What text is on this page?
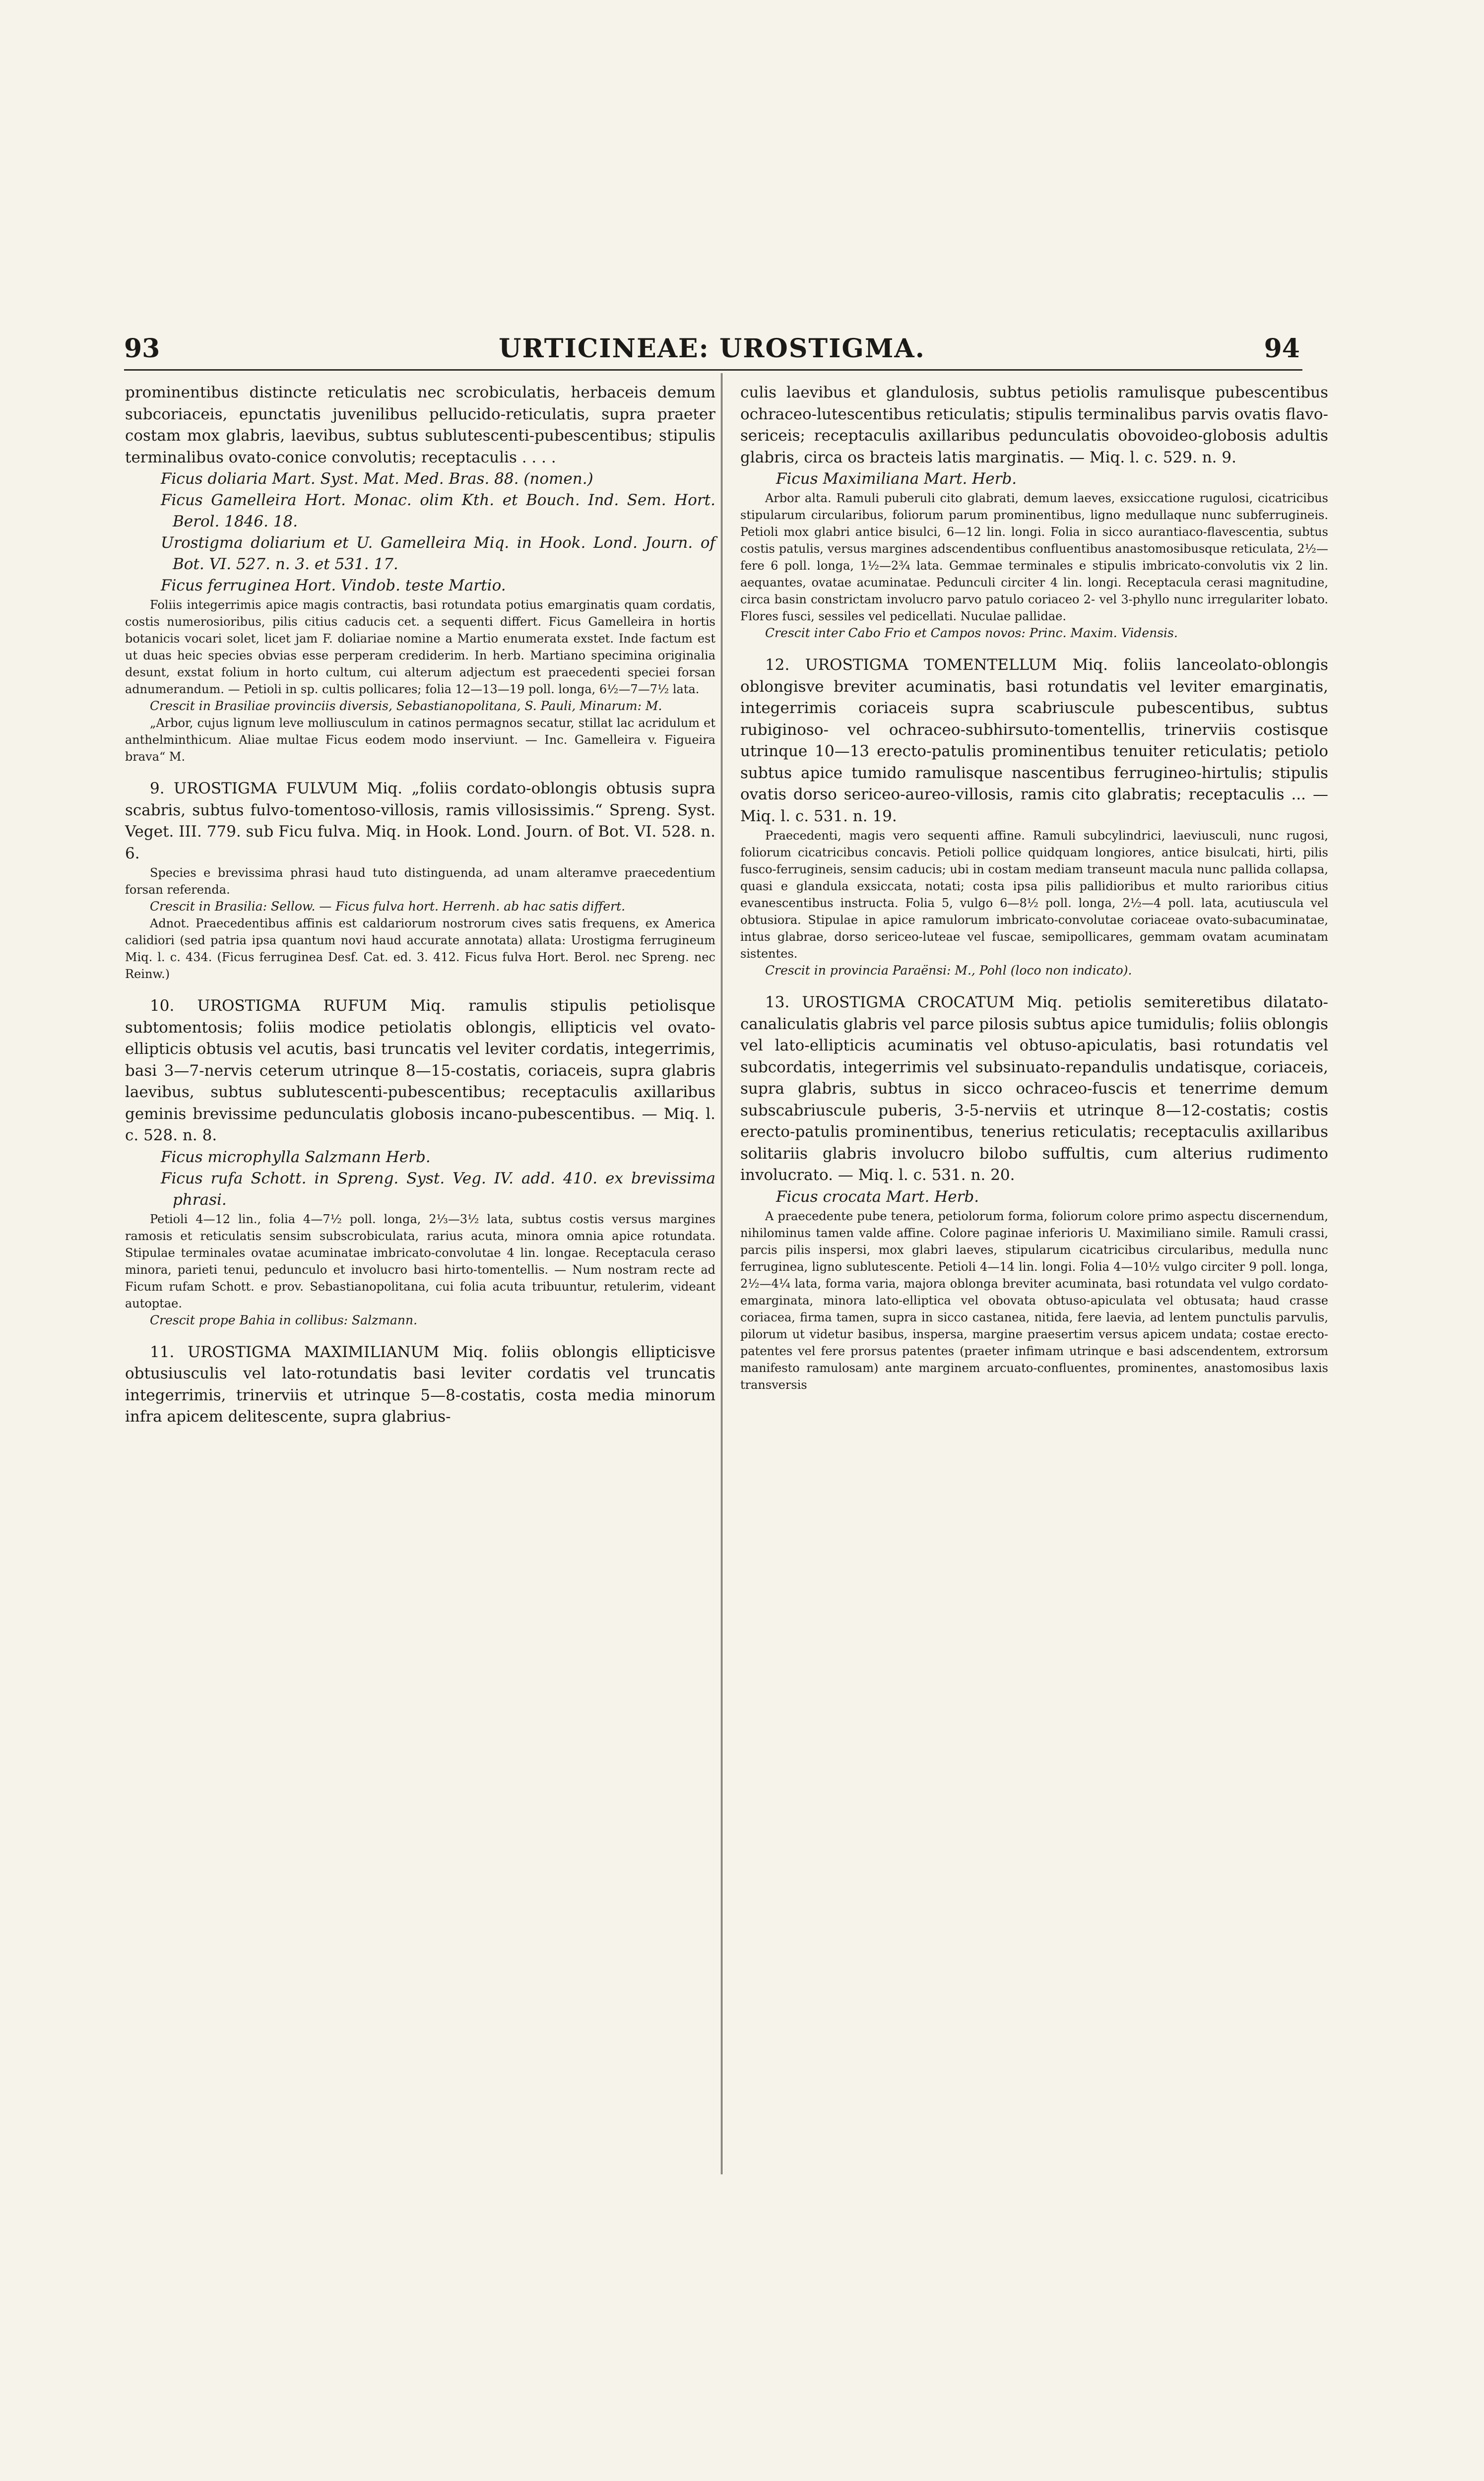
93	URTICINEAE: UROSTIGMA.	94

prominentibus distincte reticulatis nec scrobiculatis, herbaceis demum subcoriaceis, epunctatis juvenilibus pellucido-reticulatis, supra praeter costam mox glabris, laevibus, subtus sublutescenti-pubescentibus; stipulis terminalibus ovato-conice convolutis; receptaculis . . . .

Ficus doliaria Mart. Syst. Mat. Med. Bras. 88. (nomen.)

Ficus Gamelleira Hort. Monac. olim Kth. et Bouch. Ind. Sem. Hort. Berol. 1846. 18.

Urostigma doliarium et U. Gamelleira Miq. in Hook. Lond. Journ. of Bot. VI. 527. n. 3. et 531. 17.

Ficus ferruginea Hort. Vindob. teste Martio.

Foliis integerrimis apice magis contractis, basi rotundata potius emarginatis quam cordatis, costis numerosioribus, pilis citius caducis cet. a sequenti differt. Ficus Gamelleira in hortis botanicis vocari solet, licet jam F. doliariae nomine a Martio enumerata exstet. Inde factum est ut duas heic species obvias esse perperam crediderim. In herb. Martiano specimina originalia desunt, exstat folium in horto cultum, cui alterum adjectum est praecedenti speciei forsan adnumerandum. — Petioli in sp. cultis pollicares; folia 12—13—19 poll. longa, 6½—7—7½ lata.

Crescit in Brasiliae provinciis diversis, Sebastianopolitana, S. Pauli, Minarum: M.

„Arbor, cujus lignum leve molliusculum in catinos permagnos secatur, stillat lac acridulum et anthelminthicum. Aliae multae Ficus eodem modo inserviunt. — Inc. Gamelleira v. Figueira brava“ M.

9. UROSTIGMA FULVUM Miq. „foliis cordato-oblongis obtusis supra scabris, subtus fulvo-tomentoso-villosis, ramis villosissimis.“ Spreng. Syst. Veget. III. 779. sub Ficu fulva. Miq. in Hook. Lond. Journ. of Bot. VI. 528. n. 6.

Species e brevissima phrasi haud tuto distinguenda, ad unam alteramve praecedentium forsan referenda.

Crescit in Brasilia: Sellow. — Ficus fulva hort. Herrenh. ab hac satis differt.

Adnot. Praecedentibus affinis est caldariorum nostrorum cives satis frequens, ex America calidiori (sed patria ipsa quantum novi haud accurate annotata) allata: Urostigma ferrugineum Miq. l. c. 434. (Ficus ferruginea Desf. Cat. ed. 3. 412. Ficus fulva Hort. Berol. nec Spreng. nec Reinw.)

10. UROSTIGMA RUFUM Miq. ramulis stipulis petiolisque subtomentosis; foliis modice petiolatis oblongis, ellipticis vel ovato-ellipticis obtusis vel acutis, basi truncatis vel leviter cordatis, integerrimis, basi 3—7-nervis ceterum utrinque 8—15-costatis, coriaceis, supra glabris laevibus, subtus sublutescenti-pubescentibus; receptaculis axillaribus geminis brevissime pedunculatis globosis incano-pubescentibus. — Miq. l. c. 528. n. 8.

Ficus microphylla Salzmann Herb.

Ficus rufa Schott. in Spreng. Syst. Veg. IV. add. 410. ex brevissima phrasi.

Petioli 4—12 lin., folia 4—7½ poll. longa, 2⅓—3½ lata, subtus costis versus margines ramosis et reticulatis sensim subscrobiculata, rarius acuta, minora omnia apice rotundata. Stipulae terminales ovatae acuminatae imbricato-convolutae 4 lin. longae. Receptacula ceraso minora, parieti tenui, pedunculo et involucro basi hirto-tomentellis. — Num nostram recte ad Ficum rufam Schott. e prov. Sebastianopolitana, cui folia acuta tribuuntur, retulerim, videant autoptae.

Crescit prope Bahia in collibus: Salzmann.

11. UROSTIGMA MAXIMILIANUM Miq. foliis oblongis ellipticisve obtusiusculis vel lato-rotundatis basi leviter cordatis vel truncatis integerrimis, trinerviis et utrinque 5—8-costatis, costa media minorum infra apicem delitescente, supra glabrius-

culis laevibus et glandulosis, subtus petiolis ramulisque pubescentibus ochraceo-lutescentibus reticulatis; stipulis terminalibus parvis ovatis flavo-sericeis; receptaculis axillaribus pedunculatis obovoideo-globosis adultis glabris, circa os bracteis latis marginatis. — Miq. l. c. 529. n. 9.

Ficus Maximiliana Mart. Herb.

Arbor alta. Ramuli puberuli cito glabrati, demum laeves, exsiccatione rugulosi, cicatricibus stipularum circularibus, foliorum parum prominentibus, ligno medullaque nunc subferrugineis. Petioli mox glabri antice bisulci, 6—12 lin. longi. Folia in sicco aurantiaco-flavescentia, subtus costis patulis, versus margines adscendentibus confluentibus anastomosibusque reticulata, 2½—fere 6 poll. longa, 1½—2¾ lata. Gemmae terminales e stipulis imbricato-convolutis vix 2 lin. aequantes, ovatae acuminatae. Pedunculi circiter 4 lin. longi. Receptacula cerasi magnitudine, circa basin constrictam involucro parvo patulo coriaceo 2- vel 3-phyllo nunc irregulariter lobato. Flores fusci, sessiles vel pedicellati. Nuculae pallidae.

Crescit inter Cabo Frio et Campos novos: Princ. Maxim. Vidensis.

12. UROSTIGMA TOMENTELLUM Miq. foliis lanceolato-oblongis oblongisve breviter acuminatis, basi rotundatis vel leviter emarginatis, integerrimis coriaceis supra scabriuscule pubescentibus, subtus rubiginoso- vel ochraceo-subhirsuto-tomentellis, trinerviis costisque utrinque 10—13 erecto-patulis prominentibus tenuiter reticulatis; petiolo subtus apice tumido ramulisque nascentibus ferrugineo-hirtulis; stipulis ovatis dorso sericeo-aureo-villosis, ramis cito glabratis; receptaculis ... — Miq. l. c. 531. n. 19.

Praecedenti, magis vero sequenti affine. Ramuli subcylindrici, laeviusculi, nunc rugosi, foliorum cicatricibus concavis. Petioli pollice quidquam longiores, antice bisulcati, hirti, pilis fusco-ferrugineis, sensim caducis; ubi in costam mediam transeunt macula nunc pallida collapsa, quasi e glandula exsiccata, notati; costa ipsa pilis pallidioribus et multo rarioribus citius evanescentibus instructa. Folia 5, vulgo 6—8½ poll. longa, 2½—4 poll. lata, acutiuscula vel obtusiora. Stipulae in apice ramulorum imbricato-convolutae coriaceae ovato-subacuminatae, intus glabrae, dorso sericeo-luteae vel fuscae, semipollicares, gemmam ovatam acuminatam sistentes.

Crescit in provincia Paraënsi: M., Pohl (loco non indicato).

13. UROSTIGMA CROCATUM Miq. petiolis semiteretibus dilatato-canaliculatis glabris vel parce pilosis subtus apice tumidulis; foliis oblongis vel lato-ellipticis acuminatis vel obtuso-apiculatis, basi rotundatis vel subcordatis, integerrimis vel subsinuato-repandulis undatisque, coriaceis, supra glabris, subtus in sicco ochraceo-fuscis et tenerrime demum subscabriuscule puberis, 3-5-nerviis et utrinque 8—12-costatis; costis erecto-patulis prominentibus, tenerius reticulatis; receptaculis axillaribus solitariis glabris involucro bilobo suffultis, cum alterius rudimento involucrato. — Miq. l. c. 531. n. 20.

Ficus crocata Mart. Herb.

A praecedente pube tenera, petiolorum forma, foliorum colore primo aspectu discernendum, nihilominus tamen valde affine. Colore paginae inferioris U. Maximiliano simile. Ramuli crassi, parcis pilis inspersi, mox glabri laeves, stipularum cicatricibus circularibus, medulla nunc ferruginea, ligno sublutescente. Petioli 4—14 lin. longi. Folia 4—10½ vulgo circiter 9 poll. longa, 2½—4¼ lata, forma varia, majora oblonga breviter acuminata, basi rotundata vel vulgo cordato-emarginata, minora lato-elliptica vel obovata obtuso-apiculata vel obtusata; haud crasse coriacea, firma tamen, supra in sicco castanea, nitida, fere laevia, ad lentem punctulis parvulis, pilorum ut videtur basibus, inspersa, margine praesertim versus apicem undata; costae erecto-patentes vel fere prorsus patentes (praeter infimam utrinque e basi adscendentem, extrorsum manifesto ramulosam) ante marginem arcuato-confluentes, prominentes, anastomosibus laxis transversis
